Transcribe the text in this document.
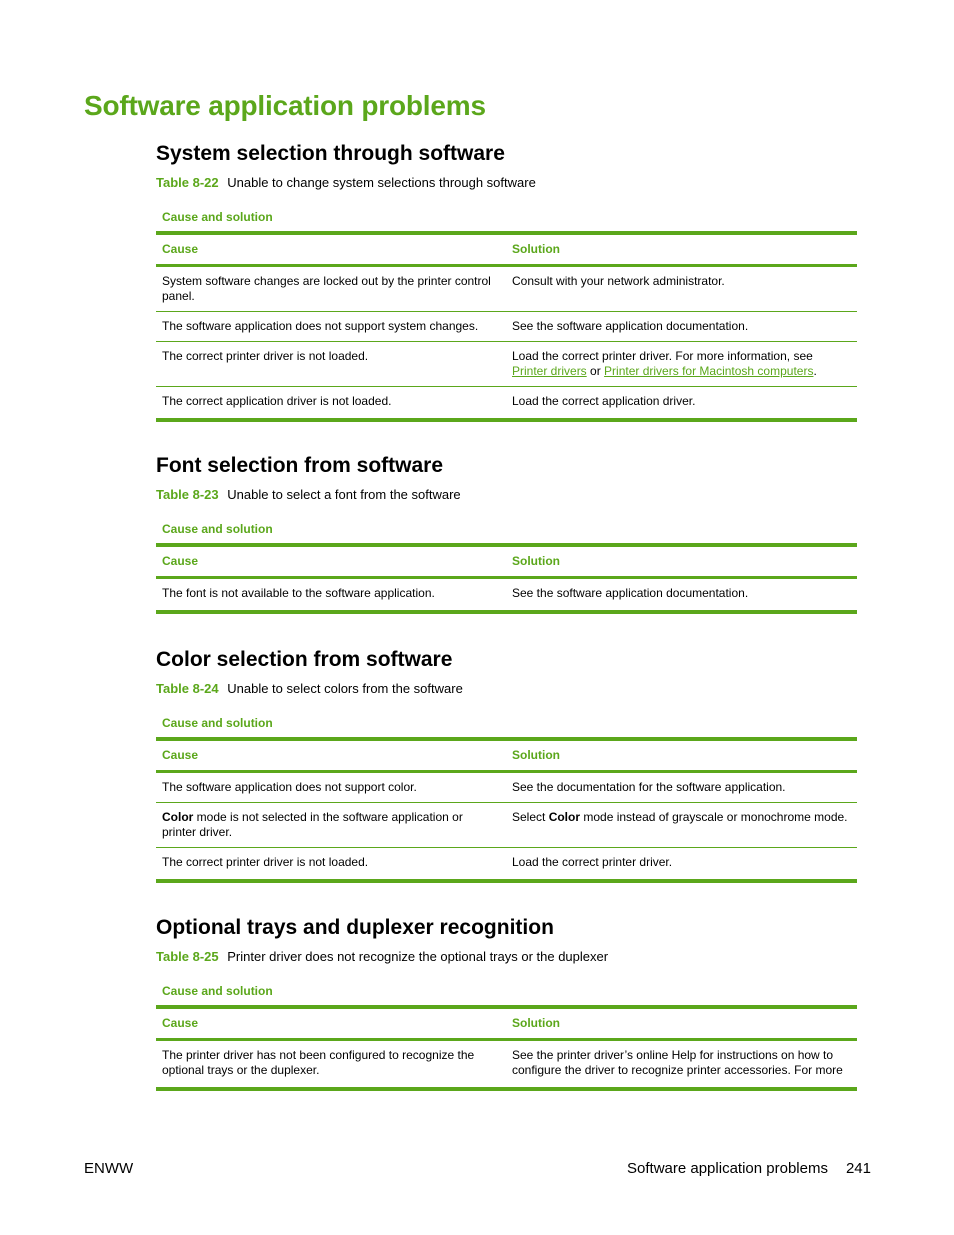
Software application problems
System selection through software
Table 8-22 Unable to change system selections through software
Cause and solution
Cause	Solution
System software changes are locked out by the printer control panel.	Consult with your network administrator.
The software application does not support system changes.	See the software application documentation.
The correct printer driver is not loaded.	Load the correct printer driver. For more information, see Printer drivers or Printer drivers for Macintosh computers.
The correct application driver is not loaded.	Load the correct application driver.
Font selection from software
Table 8-23 Unable to select a font from the software
Cause and solution
Cause	Solution
The font is not available to the software application.	See the software application documentation.
Color selection from software
Table 8-24 Unable to select colors from the software
Cause and solution
Cause	Solution
The software application does not support color.	See the documentation for the software application.
Color mode is not selected in the software application or printer driver.	Select Color mode instead of grayscale or monochrome mode.
The correct printer driver is not loaded.	Load the correct printer driver.
Optional trays and duplexer recognition
Table 8-25 Printer driver does not recognize the optional trays or the duplexer
Cause and solution
Cause	Solution
The printer driver has not been configured to recognize the optional trays or the duplexer.	See the printer driver’s online Help for instructions on how to configure the driver to recognize printer accessories. For more
ENWW	Software application problems 241
